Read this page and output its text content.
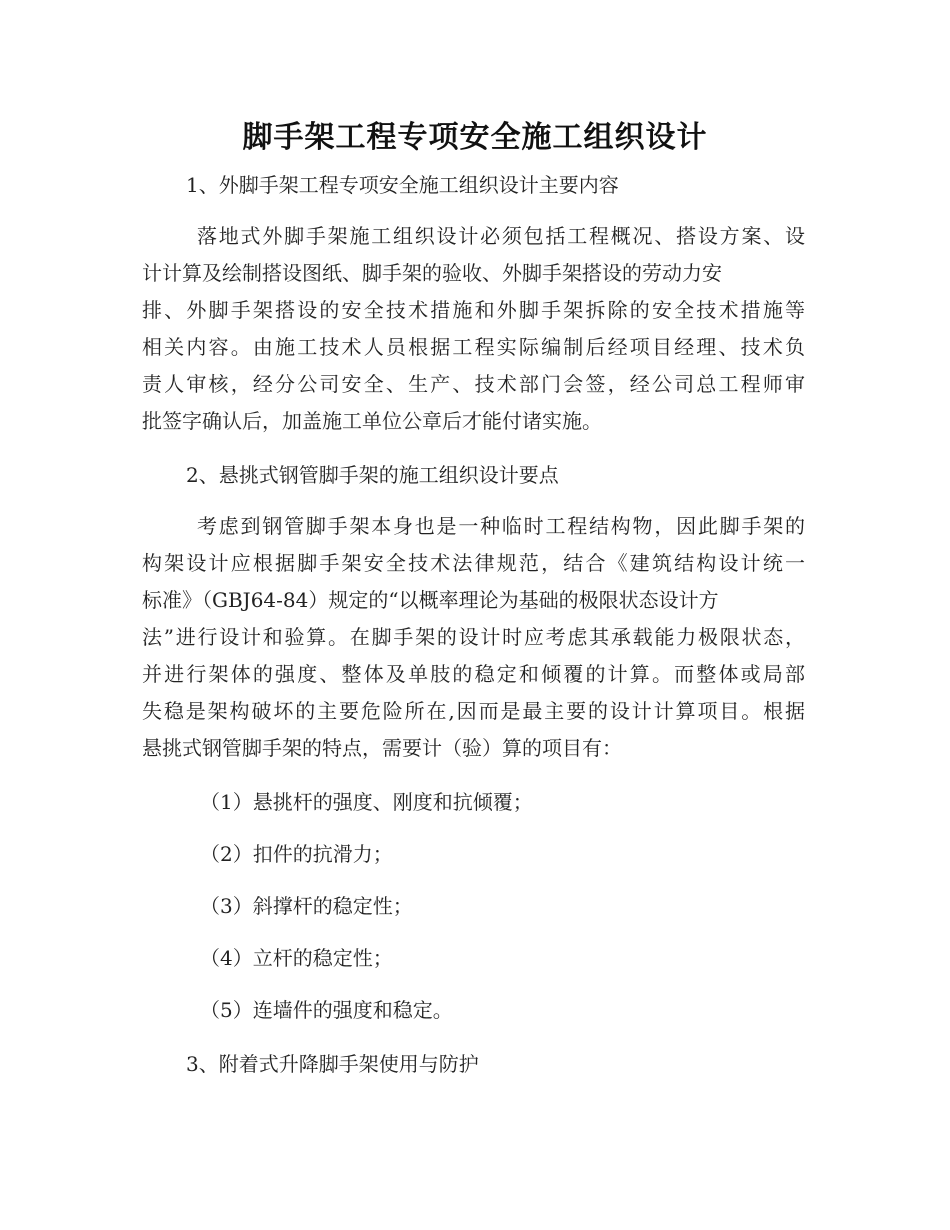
脚手架工程专项安全施工组织设计
1、外脚手架工程专项安全施工组织设计主要内容
落地式外脚手架施工组织设计必须包括工程概况、搭设方案、设
计计算及绘制搭设图纸、脚手架的验收、外脚手架搭设的劳动力安
排、外脚手架搭设的安全技术措施和外脚手架拆除的安全技术措施等
相关内容。由施工技术人员根据工程实际编制后经项目经理、技术负
责人审核，经分公司安全、生产、技术部门会签，经公司总工程师审
批签字确认后，加盖施工单位公章后才能付诸实施。
2、悬挑式钢管脚手架的施工组织设计要点
考虑到钢管脚手架本身也是一种临时工程结构物，因此脚手架的
构架设计应根据脚手架安全技术法律规范，结合《建筑结构设计统一
标准》（GBJ64-84）规定的“以概率理论为基础的极限状态设计方
法”进行设计和验算。在脚手架的设计时应考虑其承载能力极限状态，
并进行架体的强度、整体及单肢的稳定和倾覆的计算。而整体或局部
失稳是架构破坏的主要危险所在,因而是最主要的设计计算项目。根据
悬挑式钢管脚手架的特点，需要计（验）算的项目有：
（1）悬挑杆的强度、刚度和抗倾覆；
（2）扣件的抗滑力；
（3）斜撑杆的稳定性；
（4）立杆的稳定性；
（5）连墙件的强度和稳定。
3、附着式升降脚手架使用与防护
